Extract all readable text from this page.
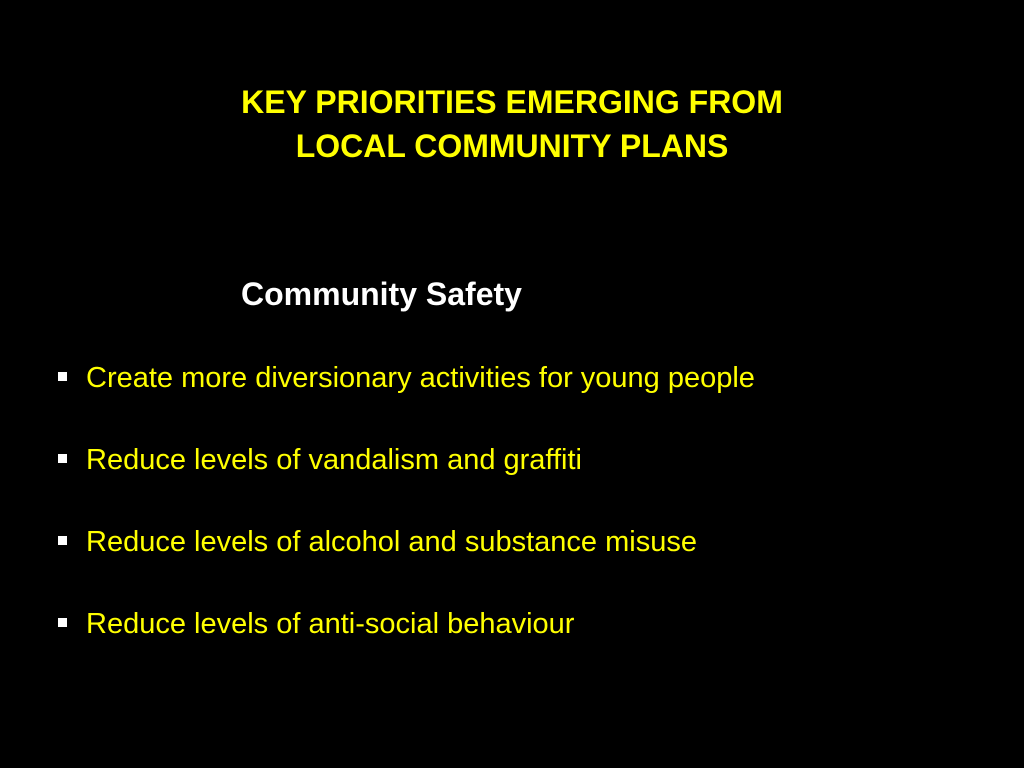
KEY PRIORITIES EMERGING FROM
LOCAL COMMUNITY PLANS
Community Safety
Create more diversionary activities for young people
Reduce levels of vandalism and graffiti
Reduce levels of alcohol and substance misuse
Reduce levels of anti-social behaviour
